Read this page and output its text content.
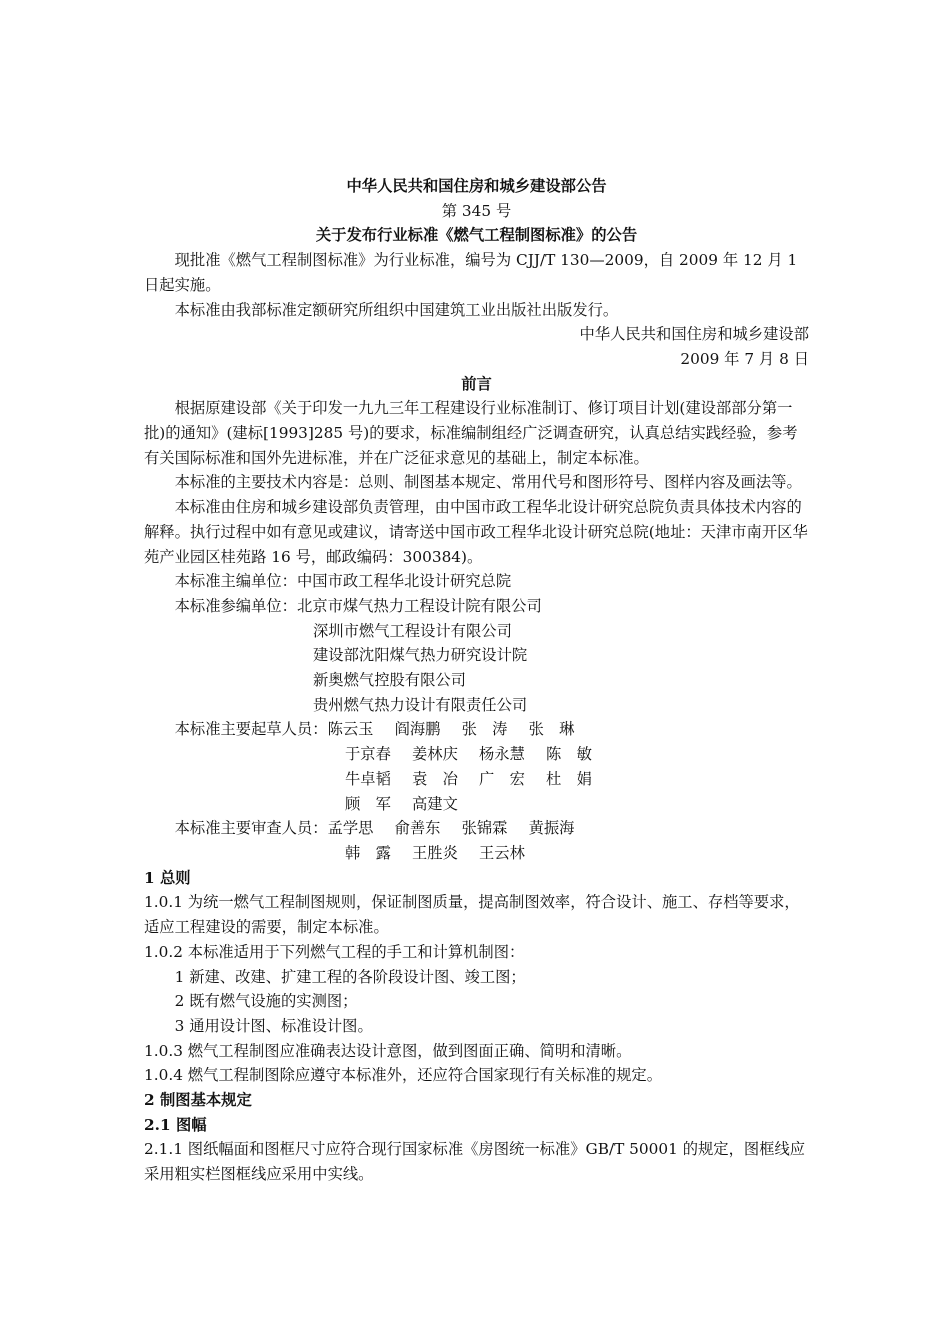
中华人民共和国住房和城乡建设部公告

第 345 号

关于发布行业标准《燃气工程制图标准》的公告

现批准《燃气工程制图标准》为行业标准，编号为 CJJ/T 130—2009，自 2009 年 12 月 1 日起实施。

本标准由我部标准定额研究所组织中国建筑工业出版社出版发行。

中华人民共和国住房和城乡建设部

2009 年 7 月 8 日

前言

根据原建设部《关于印发一九九三年工程建设行业标准制订、修订项目计划(建设部部分第一批)的通知》(建标[1993]285 号)的要求，标准编制组经广泛调查研究，认真总结实践经验，参考有关国际标准和国外先进标准，并在广泛征求意见的基础上，制定本标准。

本标准的主要技术内容是：总则、制图基本规定、常用代号和图形符号、图样内容及画法等。

本标准由住房和城乡建设部负责管理，由中国市政工程华北设计研究总院负责具体技术内容的解释。执行过程中如有意见或建议，请寄送中国市政工程华北设计研究总院(地址：天津市南开区华苑产业园区桂苑路 16 号，邮政编码：300384)。

本标准主编单位： 中国市政工程华北设计研究总院
本标准参编单位： 北京市煤气热力工程设计院有限公司

深圳市燃气工程设计有限公司

建设部沈阳煤气热力研究设计院

新奥燃气控股有限公司

贵州燃气热力设计有限责任公司

本标准主要起草人员： 陈云玉	阎海鹏	张　涛	张　琳
于京春	姜林庆	杨永慧	陈　敏
牛卓韬	袁　冶	广　宏	杜　娟
顾　军	高建文
本标准主要审查人员： 孟学思	俞善东	张锦霖	黄振海
韩　露	王胜炎	王云林

1 总则

1.0.1 为统一燃气工程制图规则，保证制图质量，提高制图效率，符合设计、施工、存档等要求，适应工程建设的需要，制定本标准。

1.0.2 本标准适用于下列燃气工程的手工和计算机制图：

1 新建、改建、扩建工程的各阶段设计图、竣工图；

2 既有燃气设施的实测图；

3 通用设计图、标准设计图。

1.0.3 燃气工程制图应准确表达设计意图，做到图面正确、简明和清晰。

1.0.4 燃气工程制图除应遵守本标准外，还应符合国家现行有关标准的规定。

2 制图基本规定

2.1 图幅

2.1.1 图纸幅面和图框尺寸应符合现行国家标准《房图统一标准》GB/T 50001 的规定，图框线应采用粗实栏图框线应采用中实线。
